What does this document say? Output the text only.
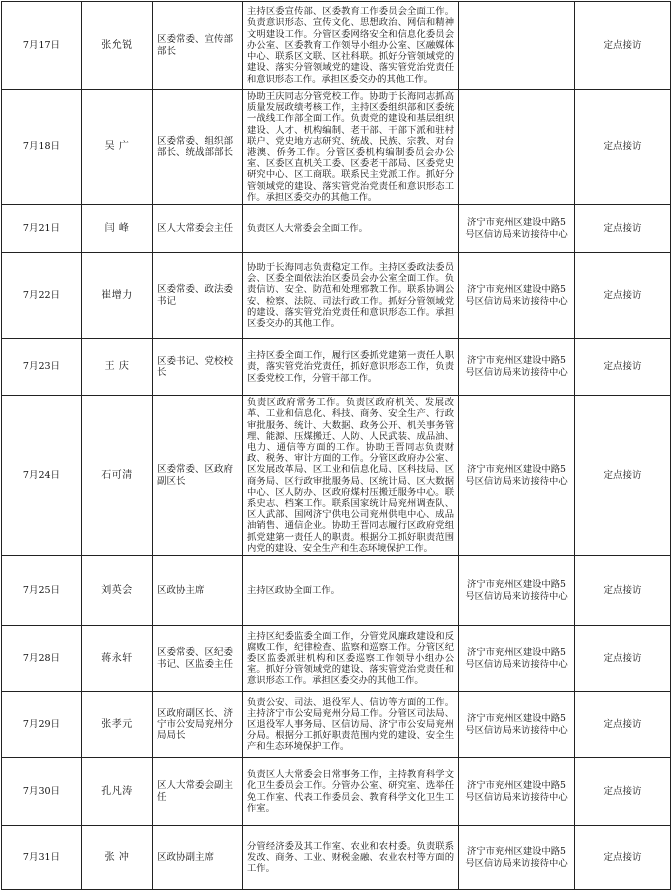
7月17日	张允锐	区委常委、宣传部部长	主持区委宣传部、区委教育工作委员会全面工作。负责意识形态、宣传文化、思想政治、网信和精神文明建设工作。分管区委网络安全和信息化委员会办公室、区委教育工作领导小组办公室、区融媒体中心、联系区文联、区社科联。抓好分管领域党的建设、落实分管领域党的建设、落实管党治党责任和意识形态工作。承担区委交办的其他工作。		定点接访
7月18日	吴 广	区委常委、组织部部长、统战部部长	协助王庆同志分管党校工作。协助于长海同志抓高质量发展政绩考核工作，主持区委组织部和区委统一战线工作部全面工作。负责党的建设和基层组织建设、人才、机构编制、老干部、干部下派和驻村联户、党史地方志研究、统战、民族、宗教、对台港澳、侨务工作。分管区委机构编制委员会办公室、区委区直机关工委、区委老干部局、区委党史研究中心、区工商联。联系民主党派工作。抓好分管领域党的建设、落实管党治党责任和意识形态工作。承担区委交办的其他工作。		定点接访
7月21日	闫 峰	区人大常委会主任	负责区人大常委会全面工作。	济宁市兖州区建设中路5号区信访局来访接待中心	定点接访
7月22日	崔增力	区委常委、政法委书记	协助于长海同志负责稳定工作。主持区委政法委员会、区委全面依法治区委员会办公室全面工作。负责信访、安全、防范和处理邪教工作。联系协调公安、检察、法院、司法行政工作。抓好分管领域党的建设、落实管党治党责任和意识形态工作。承担区委交办的其他工作。	济宁市兖州区建设中路5号区信访局来访接待中心	定点接访
7月23日	王 庆	区委书记、党校校长	主持区委全面工作，履行区委抓党建第一责任人职责，落实管党治党责任，抓好意识形态工作，负责区委党校工作，分管干部工作。	济宁市兖州区建设中路5号区信访局来访接待中心	定点接访
7月24日	石可清	区委常委、区政府副区长	负责区政府常务工作。负责区政府机关、发展改革、工业和信息化、科技、商务、安全生产、行政审批服务、统计、大数据、政务公开、机关事务管理、能源、压煤搬迁、人防、人民武装、成品油、电力、通信等方面的工作。协助王晋同志负责财政、税务、审计方面的工作。分管区政府办公室、区发展改革局、区工业和信息化局、区科技局、区商务局、区行政审批服务局、区统计局、区大数据中心、区人防办、区政府煤村压搬迁服务中心。联系史志、档案工作。联系国家统计局兖州调查队、区人武部、国网济宁供电公司兖州供电中心、成品油销售、通信企业。协助王晋同志履行区政府党组抓党建第一责任人的职责。根据分工抓好职责范围内党的建设、安全生产和生态环境保护工作。	济宁市兖州区建设中路5号区信访局来访接待中心	定点接访
7月25日	刘英会	区政协主席	主持区政协全面工作。	济宁市兖州区建设中路5号区信访局来访接待中心	定点接访
7月28日	蒋永轩	区委常委、区纪委书记、区监委主任	主持区纪委监委全面工作，分管党风廉政建设和反腐败工作，纪律检查、监察和巡察工作。分管区纪委区监委派驻机构和区委巡察工作领导小组办公室。抓好分管领域党的建设、落实管党治党责任和意识形态工作。承担区委交办的其他工作。	济宁市兖州区建设中路5号区信访局来访接待中心	定点接访
7月29日	张孝元	区政府副区长、济宁市公安局兖州分局局长	负责公安、司法、退役军人、信访等方面的工作。主持济宁市公安局兖州分局工作。分管区司法局、区退役军人事务局、区信访局、济宁市公安局兖州分局。根据分工抓好职责范围内党的建设、安全生产和生态环境保护工作。	济宁市兖州区建设中路5号区信访局来访接待中心	定点接访
7月30日	孔凡涛	区人大常委会副主任	负责区人大常委会日常事务工作，主持教育科学文化卫生委员会工作。分管办公室、研究室、选举任免工作室、代表工作委员会、教育科学文化卫生工作室。	济宁市兖州区建设中路5号区信访局来访接待中心	定点接访
7月31日	张 冲	区政协副主席	分管经济委及其工作室、农业和农村委。负责联系发改、商务、工业、财税金融、农业农村等方面的工作。	济宁市兖州区建设中路5号区信访局来访接待中心	定点接访
